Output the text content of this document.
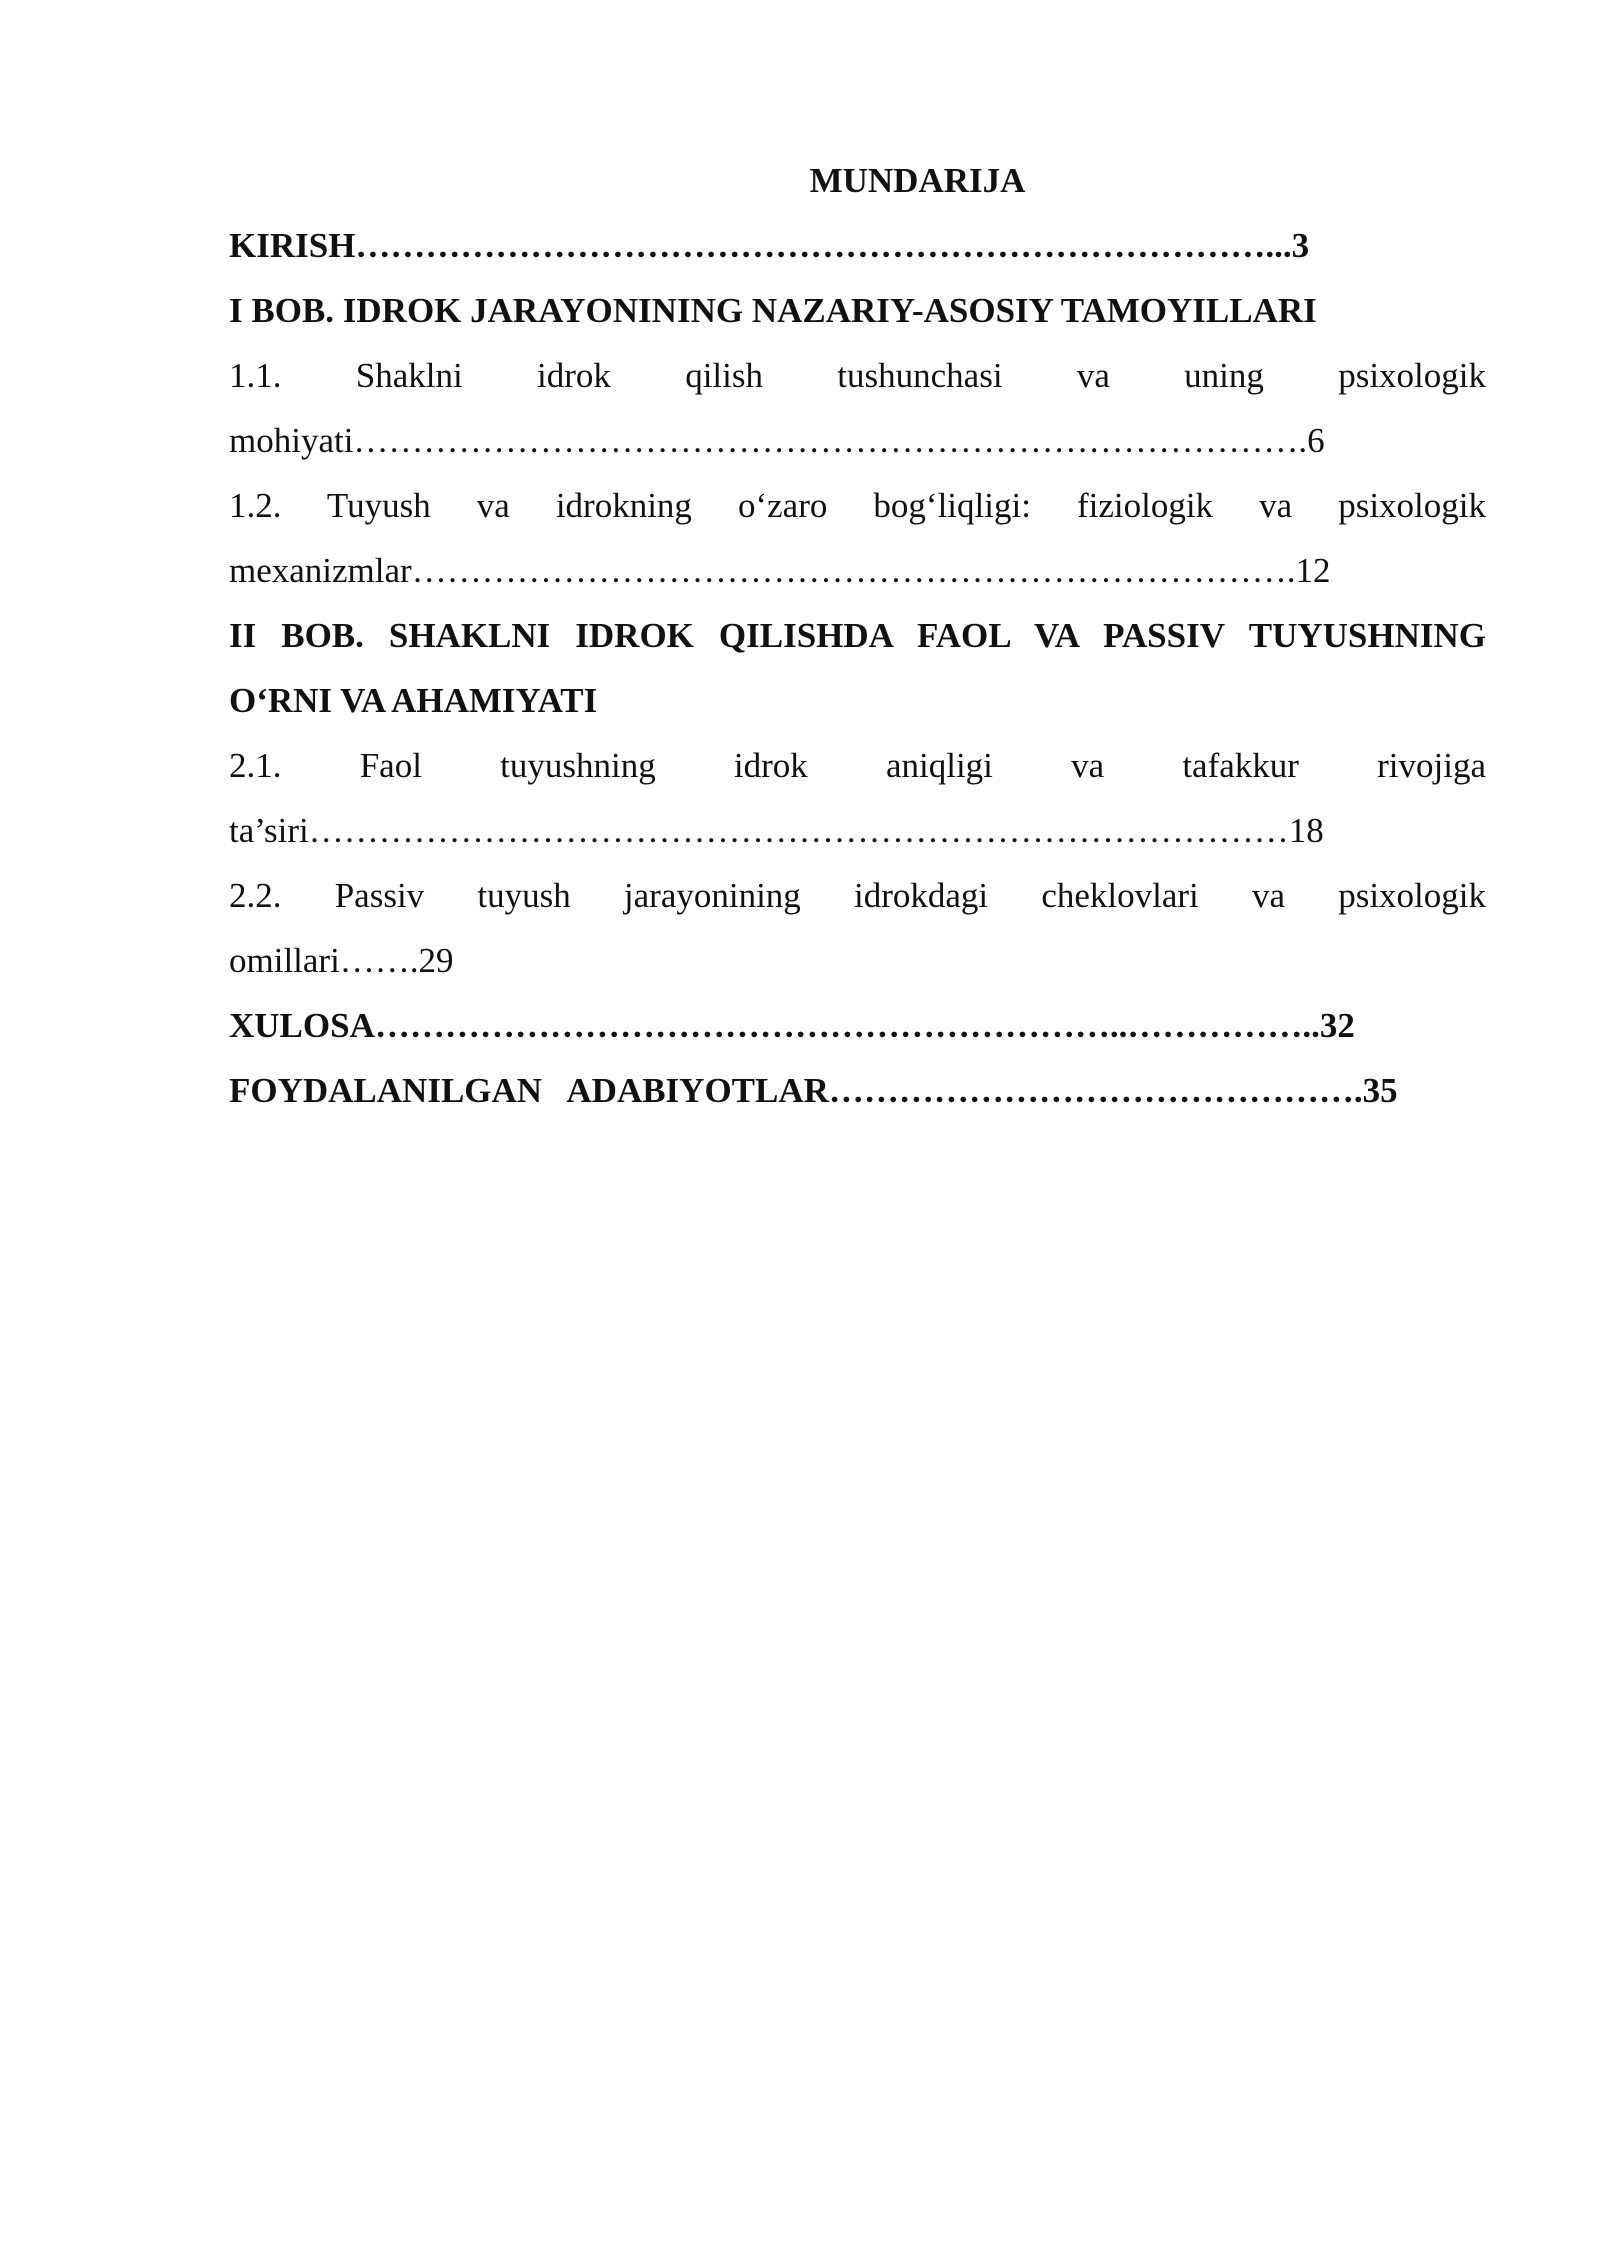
MUNDARIJA
KIRISH……………………………………………………………………...3
I BOB. IDROK JARAYONINING NAZARIY-ASOSIY TAMOYILLARI
1.1. Shaklni idrok qilish tushunchasi va uning psixologik
mohiyati……………………………………………………………………….6
1.2. Tuyush va idrokning o‘zaro bog‘liqligi: fiziologik va psixologik
mexanizmlar………………………………………………………………….12
II BOB. SHAKLNI IDROK QILISHDA FAOL VA PASSIV TUYUSHNING
O‘RNI VA AHAMIYATI
2.1. Faol tuyushning idrok aniqligi va tafakkur rivojiga
ta’siri…………………………………………………………………………18
2.2. Passiv tuyush jarayonining idrokdagi cheklovlari va psixologik
omillari…….29
XULOSA………………………………………………………..……………..32
FOYDALANILGAN   ADABIYOTLAR……………………………………….35
